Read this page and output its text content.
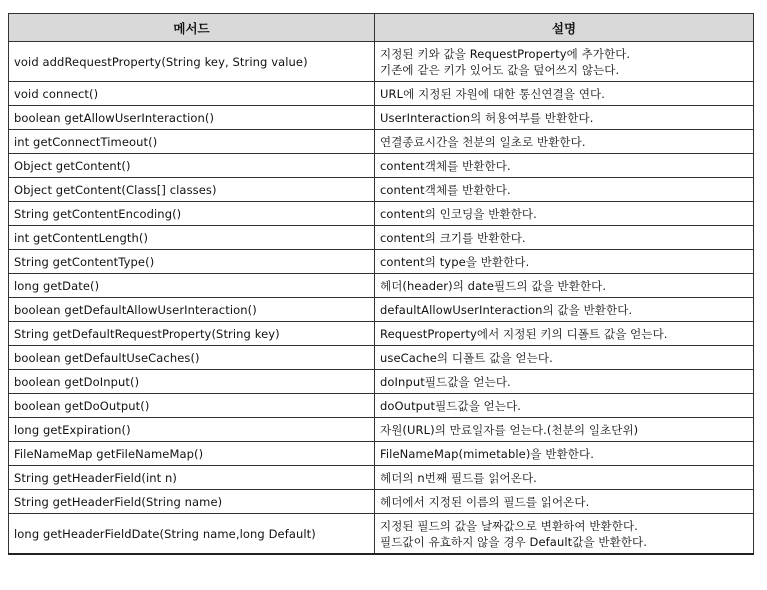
메서드	설명
void addRequestProperty(String key, String value)	지정된 키와 값을 RequestProperty에 추가한다.
기존에 같은 키가 있어도 값을 덮어쓰지 않는다.

void connect()	URL에 지정된 자원에 대한 통신연결을 연다.

boolean getAllowUserInteraction()	UserInteraction의 허용여부를 반환한다.

int getConnectTimeout()	연결종료시간을 천분의 일초로 반환한다.

Object getContent()	content객체를 반환한다.

Object getContent(Class[] classes)	content객체를 반환한다.

String getContentEncoding()	content의 인코딩을 반환한다.

int getContentLength()	content의 크기를 반환한다.

String getContentType()	content의 type을 반환한다.

long getDate()	헤더(header)의 date필드의 값을 반환한다.

boolean getDefaultAllowUserInteraction()	defaultAllowUserInteraction의 값을 반환한다.

String getDefaultRequestProperty(String key)	RequestProperty에서 지정된 키의 디폴트 값을 얻는다.

boolean getDefaultUseCaches()	useCache의 디폴트 값을 얻는다.

boolean getDoInput()	doInput필드값을 얻는다.

boolean getDoOutput()	doOutput필드값을 얻는다.

long getExpiration()	자원(URL)의 만료일자를 얻는다.(천분의 일초단위)

FileNameMap getFileNameMap()	FileNameMap(mimetable)을 반환한다.

String getHeaderField(int n)	헤더의 n번째 필드를 읽어온다.

String getHeaderField(String name)	헤더에서 지정된 이름의 필드를 읽어온다.

long getHeaderFieldDate(String name,long Default)	지정된 필드의 값을 날짜값으로 변환하여 반환한다.
필드값이 유효하지 않을 경우 Default값을 반환한다.
